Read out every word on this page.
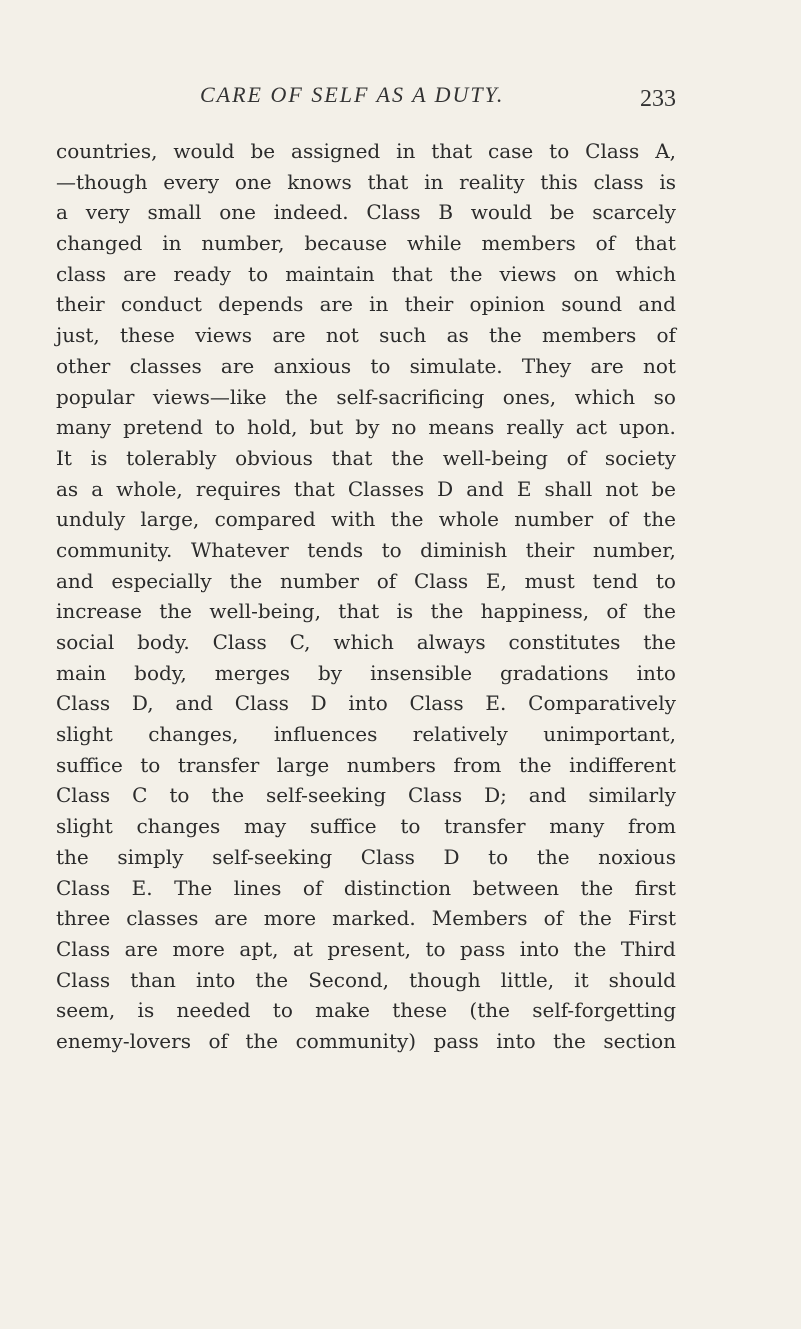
CARE OF SELF AS A DUTY.	233
countries, would be assigned in that case to Class A,
—though every one knows that in reality this class is
a very small one indeed. Class B would be scarcely
changed in number, because while members of that
class are ready to maintain that the views on which
their conduct depends are in their opinion sound and
just, these views are not such as the members of
other classes are anxious to simulate. They are not
popular views—like the self-sacrificing ones, which so
many pretend to hold, but by no means really act upon.
It is tolerably obvious that the well-being of society
as a whole, requires that Classes D and E shall not be
unduly large, compared with the whole number of the
community. Whatever tends to diminish their number,
and especially the number of Class E, must tend to
increase the well-being, that is the happiness, of the
social body. Class C, which always constitutes the
main body, merges by insensible gradations into
Class D, and Class D into Class E. Comparatively
slight changes, influences relatively unimportant,
suffice to transfer large numbers from the indifferent
Class C to the self-seeking Class D; and similarly
slight changes may suffice to transfer many from
the simply self-seeking Class D to the noxious
Class E. The lines of distinction between the first
three classes are more marked. Members of the First
Class are more apt, at present, to pass into the Third
Class than into the Second, though little, it should
seem, is needed to make these (the self-forgetting
enemy-lovers of the community) pass into the section
